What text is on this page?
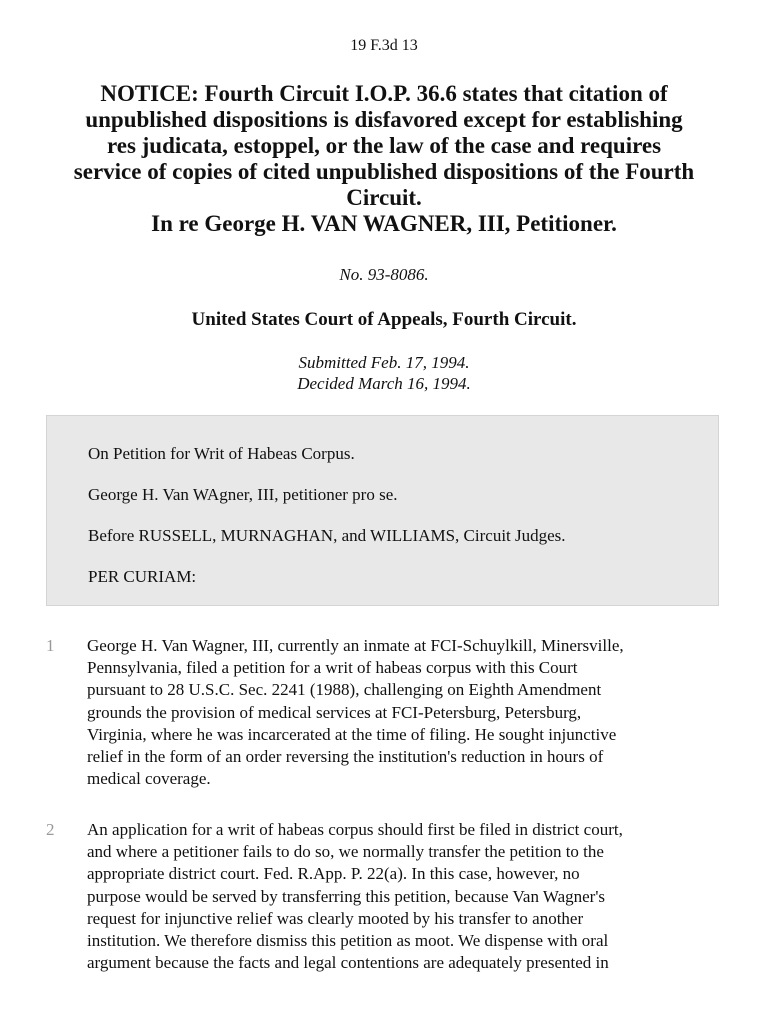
19 F.3d 13
NOTICE: Fourth Circuit I.O.P. 36.6 states that citation of
unpublished dispositions is disfavored except for establishing
res judicata, estoppel, or the law of the case and requires
service of copies of cited unpublished dispositions of the Fourth
Circuit.
In re George H. VAN WAGNER, III, Petitioner.
No. 93-8086.
United States Court of Appeals, Fourth Circuit.
Submitted Feb. 17, 1994.
Decided March 16, 1994.

On Petition for Writ of Habeas Corpus.

George H. Van WAgner, III, petitioner pro se.

Before RUSSELL, MURNAGHAN, and WILLIAMS, Circuit Judges.

PER CURIAM:

1 George H. Van Wagner, III, currently an inmate at FCI-Schuylkill, Minersville,
Pennsylvania, filed a petition for a writ of habeas corpus with this Court
pursuant to 28 U.S.C. Sec. 2241 (1988), challenging on Eighth Amendment
grounds the provision of medical services at FCI-Petersburg, Petersburg,
Virginia, where he was incarcerated at the time of filing. He sought injunctive
relief in the form of an order reversing the institution's reduction in hours of
medical coverage.
2 An application for a writ of habeas corpus should first be filed in district court,
and where a petitioner fails to do so, we normally transfer the petition to the
appropriate district court. Fed. R.App. P. 22(a). In this case, however, no
purpose would be served by transferring this petition, because Van Wagner's
request for injunctive relief was clearly mooted by his transfer to another
institution. We therefore dismiss this petition as moot. We dispense with oral
argument because the facts and legal contentions are adequately presented in
